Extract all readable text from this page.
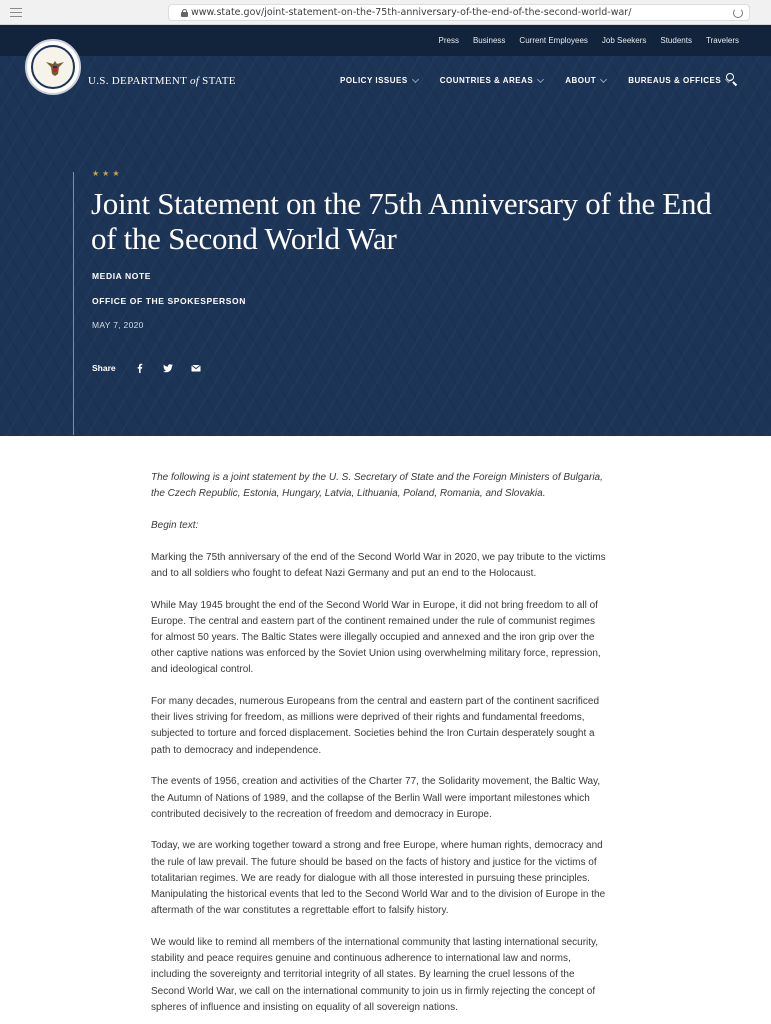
www.state.gov/joint-statement-on-the-75th-anniversary-of-the-end-of-the-second-world-war/
Press Business Current Employees Job Seekers Students Travelers
U.S. DEPARTMENT of STATE	POLICY ISSUES	COUNTRIES & AREAS	ABOUT	BUREAUS & OFFICES
★ ★ ★
Joint Statement on the 75th Anniversary of the End of the Second World War
MEDIA NOTE
OFFICE OF THE SPOKESPERSON
MAY 7, 2020
Share

The following is a joint statement by the U. S. Secretary of State and the Foreign Ministers of Bulgaria, the Czech Republic, Estonia, Hungary, Latvia, Lithuania, Poland, Romania, and Slovakia.

Begin text:

Marking the 75th anniversary of the end of the Second World War in 2020, we pay tribute to the victims and to all soldiers who fought to defeat Nazi Germany and put an end to the Holocaust.

While May 1945 brought the end of the Second World War in Europe, it did not bring freedom to all of Europe. The central and eastern part of the continent remained under the rule of communist regimes for almost 50 years. The Baltic States were illegally occupied and annexed and the iron grip over the other captive nations was enforced by the Soviet Union using overwhelming military force, repression, and ideological control.

For many decades, numerous Europeans from the central and eastern part of the continent sacrificed their lives striving for freedom, as millions were deprived of their rights and fundamental freedoms, subjected to torture and forced displacement. Societies behind the Iron Curtain desperately sought a path to democracy and independence.

The events of 1956, creation and activities of the Charter 77, the Solidarity movement, the Baltic Way, the Autumn of Nations of 1989, and the collapse of the Berlin Wall were important milestones which contributed decisively to the recreation of freedom and democracy in Europe.

Today, we are working together toward a strong and free Europe, where human rights, democracy and the rule of law prevail. The future should be based on the facts of history and justice for the victims of totalitarian regimes. We are ready for dialogue with all those interested in pursuing these principles. Manipulating the historical events that led to the Second World War and to the division of Europe in the aftermath of the war constitutes a regrettable effort to falsify history.

We would like to remind all members of the international community that lasting international security, stability and peace requires genuine and continuous adherence to international law and norms, including the sovereignty and territorial integrity of all states. By learning the cruel lessons of the Second World War, we call on the international community to join us in firmly rejecting the concept of spheres of influence and insisting on equality of all sovereign nations.
